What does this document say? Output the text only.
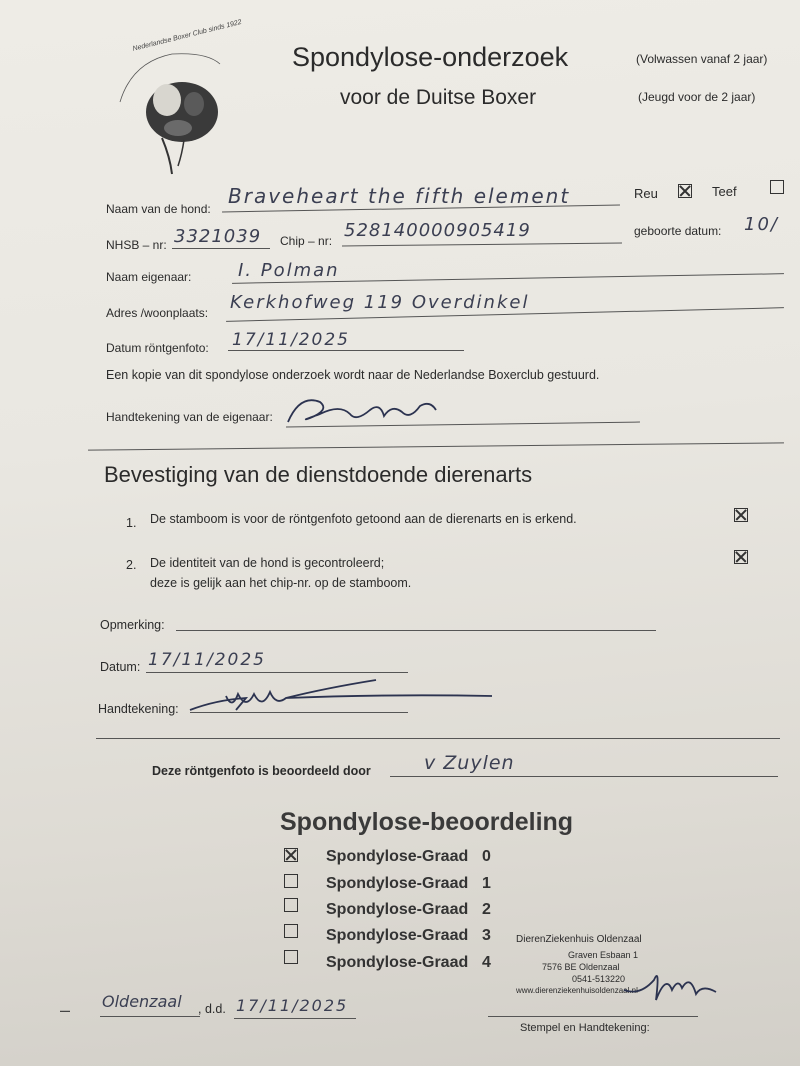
Nederlandse Boxer Club sinds 1922
Spondylose-onderzoek
voor de Duitse Boxer
(Volwassen vanaf 2 jaar)
(Jeugd voor de 2 jaar)
Naam van de hond:
Braveheart the fifth element	Reu	Teef
NHSB – nr: 3321039 Chip – nr: 528140000905419	geboorte datum: 10/
Naam eigenaar:	I. Polman
Adres /woonplaats: Kerkhofweg 119 Overdinkel
Datum röntgenfoto: 17/11/2025
Een kopie van dit spondylose onderzoek wordt naar de Nederlandse Boxerclub gestuurd.
Handtekening van de eigenaar:
Bevestiging van de dienstdoende dierenarts
1. De stamboom is voor de röntgenfoto getoond aan de dierenarts en is erkend.
2. De identiteit van de hond is gecontroleerd;
deze is gelijk aan het chip-nr. op de stamboom.
Opmerking:
Datum: 17/11/2025
Handtekening:
Deze röntgenfoto is beoordeeld door	v Zuylen
Spondylose-beoordeling
Spondylose-Graad 0
Spondylose-Graad 1
Spondylose-Graad 2
Spondylose-Graad 3
Spondylose-Graad 4
DierenZiekenhuis Oldenzaal
Graven Esbaan 1
7576 BE Oldenzaal
0541-513220
www.dierenziekenhuisoldenzaal.nl
– Oldenzaal , d.d. 17/11/2025
Stempel en Handtekening:
